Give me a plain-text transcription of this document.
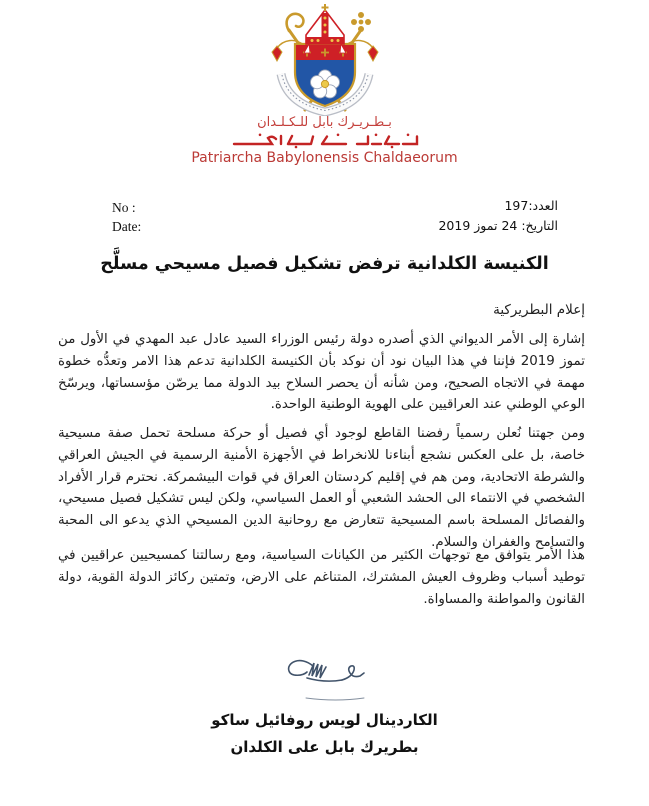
بـطـريـرك بابل للـكـلـدان
Patriarcha Babylonensis Chaldaeorum
No :
Date:
العدد:197
التاريخ: 24 تموز 2019
الكنيسة الكلدانية ترفض تشكيل فصيل مسيحي مسلَّح
إعلام البطريركية

إشارة إلى الأمر الديواني الذي أصدره دولة رئيس الوزراء السيد عادل عبد المهدي في الأول من تموز 2019 فإننا في هذا البيان نود أن نوكد بأن الكنيسة الكلدانية تدعم هذا الامر وتعدُّه خطوة مهمة في الاتجاه الصحيح، ومن شأنه أن يحصر السلاح بيد الدولة مما يرصّن مؤسساتها، ويرسّخ الوعي الوطني عند العراقيين على الهوية الوطنية الواحدة.

ومن جهتنا نُعلن رسمياً رفضنا القاطع لوجود أي فصيل أو حركة مسلحة تحمل صفة مسيحية خاصة، بل على العكس نشجع أبناءنا للانخراط في الأجهزة الأمنية الرسمية في الجيش العراقي والشرطة الاتحادية، ومن هم في إقليم كردستان العراق في قوات البيشمركة. نحترم قرار الأفراد الشخصي في الانتماء الى الحشد الشعبي أو العمل السياسي، ولكن ليس تشكيل فصيل مسيحي، والفصائل المسلحة باسم المسيحية تتعارض مع روحانية الدين المسيحي الذي يدعو الى المحبة والتسامح والغفران والسلام.

هذا الأمر يتوافق مع توجهات الكثير من الكيانات السياسية، ومع رسالتنا كمسيحيين عراقيين في توطيد أسباب وظروف العيش المشترك، المتناغم على الارض، وتمتين ركائز الدولة القوية، دولة القانون والمواطنة والمساواة.

الكاردينال لويس روفائيل ساكو
بطريرك بابل على الكلدان
